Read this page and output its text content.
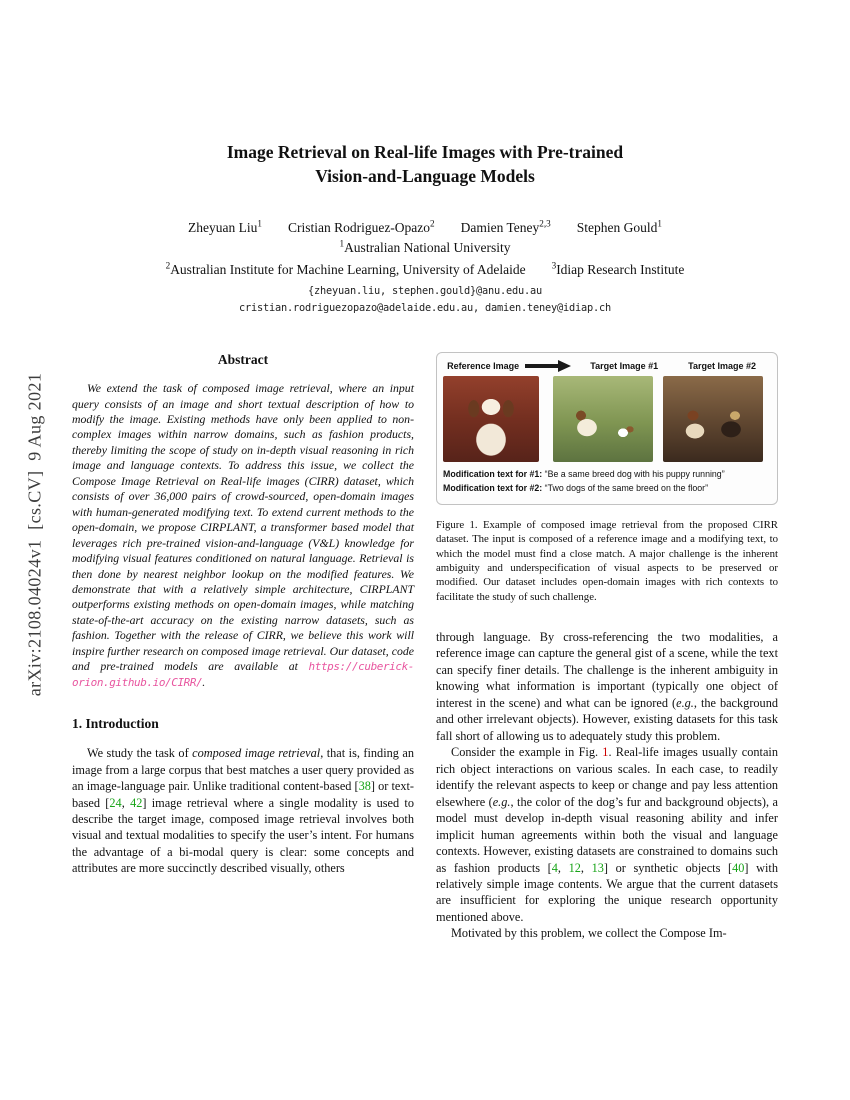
arXiv:2108.04024v1  [cs.CV]  9 Aug 2021
Image Retrieval on Real-life Images with Pre-trained
Vision-and-Language Models
Zheyuan Liu$^1$ Cristian Rodriguez-Opazo$^2$ Damien Teney$^{2,3}$ Stephen Gould$^1$
$^1$Australian National University
$^2$Australian Institute for Machine Learning, University of Adelaide	$^3$Idiap Research Institute
{zheyuan.liu, stephen.gould}@anu.edu.au
cristian.rodriguezopazo@adelaide.edu.au, damien.teney@idiap.ch
Abstract

We extend the task of composed image retrieval, where an input query consists of an image and short textual description of how to modify the image. Existing methods have only been applied to non-complex images within narrow domains, such as fashion products, thereby limiting the scope of study on in-depth visual reasoning in rich image and language contexts. To address this issue, we collect the Compose Image Retrieval on Real-life images (CIRR) dataset, which consists of over 36,000 pairs of crowd-sourced, open-domain images with human-generated modifying text. To extend current methods to the open-domain, we propose CIRPLANT, a transformer based model that leverages rich pre-trained vision-and-language (V&L) knowledge for modifying visual features conditioned on natural language. Retrieval is then done by nearest neighbor lookup on the modified features. We demonstrate that with a relatively simple architecture, CIRPLANT outperforms existing methods on open-domain images, while matching state-of-the-art accuracy on the existing narrow datasets, such as fashion. Together with the release of CIRR, we believe this work will inspire further research on composed image retrieval. Our dataset, code and pre-trained models are available at https://cuberick-orion.github.io/CIRR/.

1. Introduction

We study the task of composed image retrieval, that is, finding an image from a large corpus that best matches a user query provided as an image-language pair. Unlike traditional content-based [38] or text-based [24, 42] image retrieval where a single modality is used to describe the target image, composed image retrieval involves both visual and textual modalities to specify the user’s intent. For humans the advantage of a bi-modal query is clear: some concepts and attributes are more succinctly described visually, others

Reference Image	Target Image #1	Target Image #2
Modification text for #1: “Be a same breed dog with his puppy running”
Modification text for #2: “Two dogs of the same breed on the floor”

Figure 1. Example of composed image retrieval from the proposed CIRR dataset. The input is composed of a reference image and a modifying text, to which the model must find a close match. A major challenge is the inherent ambiguity and underspecification of visual aspects to be preserved or modified. Our dataset includes open-domain images with rich contexts to facilitate the study of such challenge.

through language. By cross-referencing the two modalities, a reference image can capture the general gist of a scene, while the text can specify finer details. The challenge is the inherent ambiguity in knowing what information is important (typically one object of interest in the scene) and what can be ignored (e.g., the background and other irrelevant objects). However, existing datasets for this task fall short of allowing us to adequately study this problem.

Consider the example in Fig. 1. Real-life images usually contain rich object interactions on various scales. In each case, to readily identify the relevant aspects to keep or change and pay less attention elsewhere (e.g., the color of the dog’s fur and background objects), a model must develop in-depth visual reasoning ability and infer implicit human agreements within both the visual and language contexts. However, existing datasets are constrained to domains such as fashion products [4, 12, 13] or synthetic objects [40] with relatively simple image contents. We argue that the current datasets are insufficient for exploring the unique research opportunity mentioned above.

Motivated by this problem, we collect the Compose Im-
